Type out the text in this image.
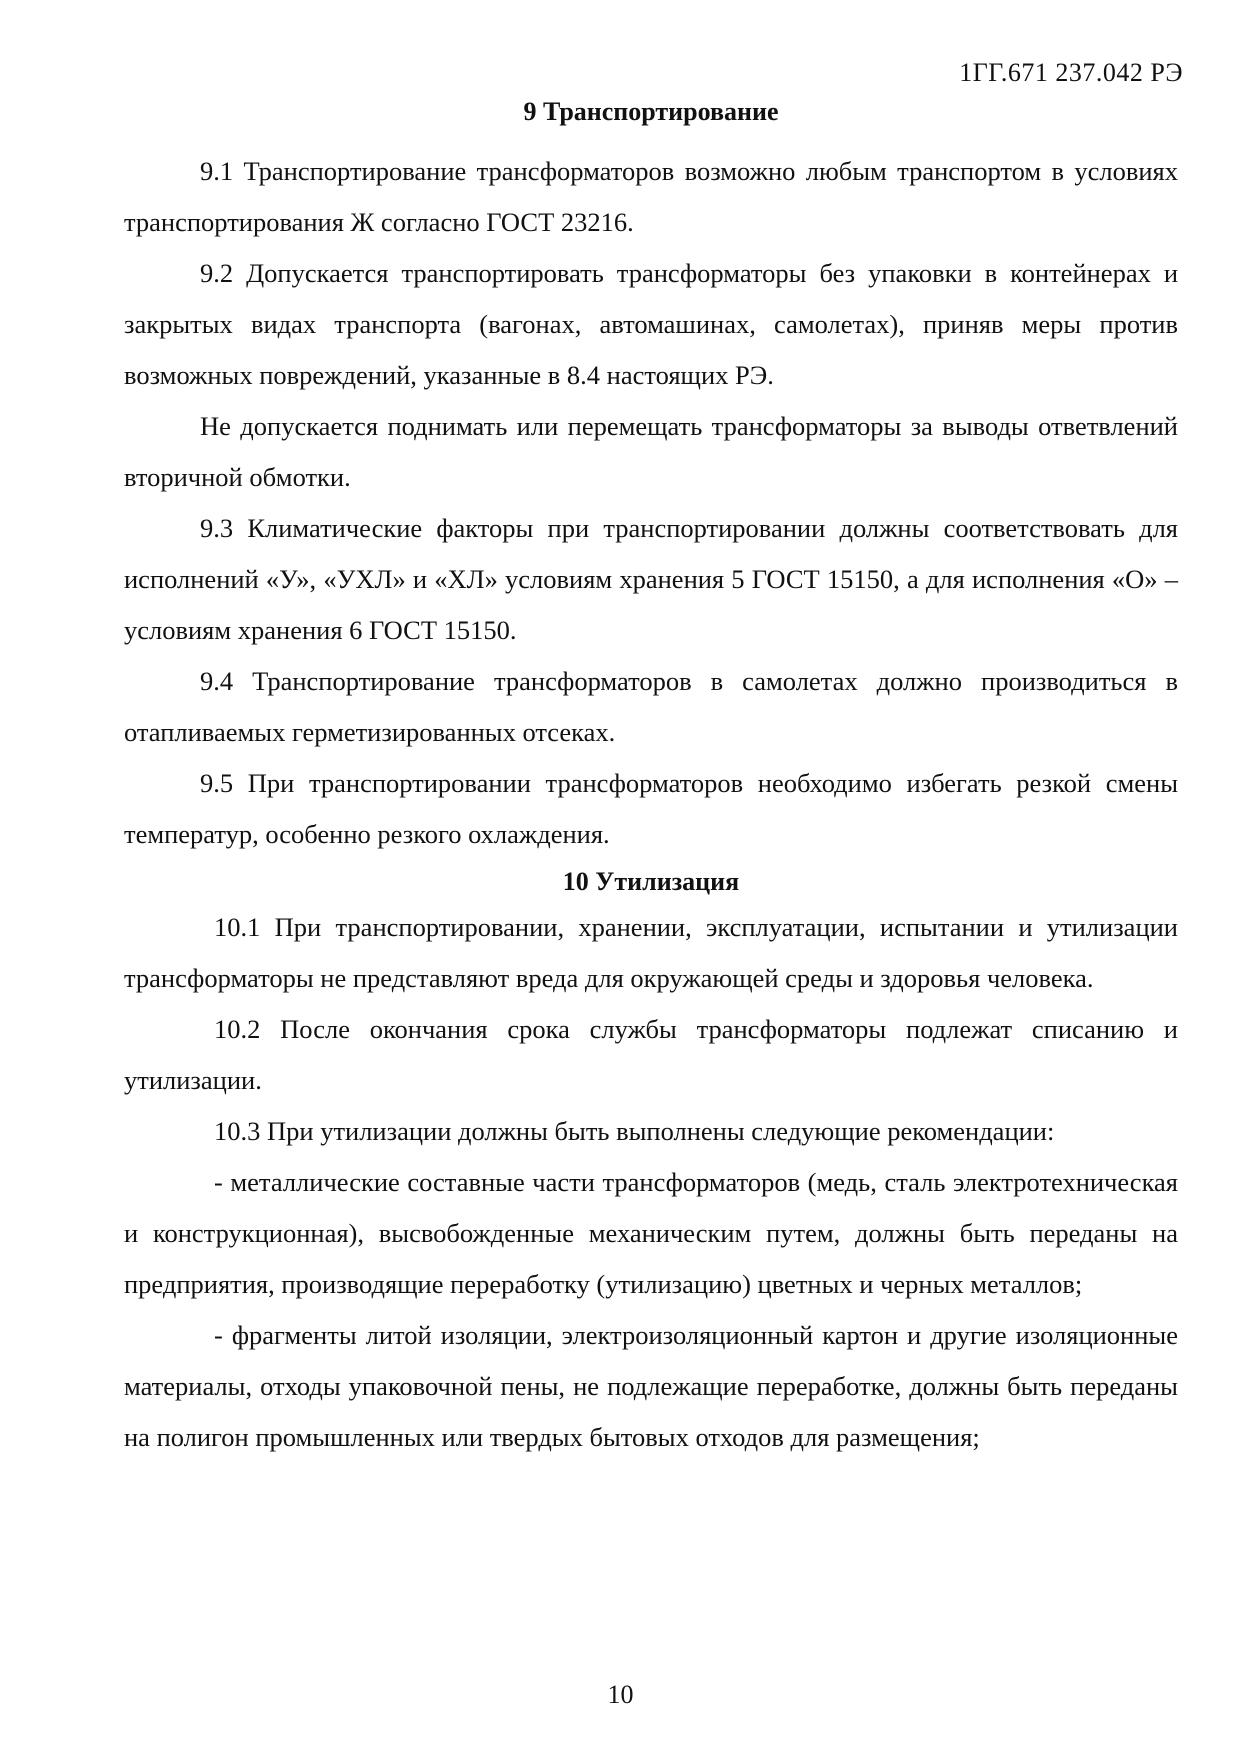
1ГГ.671 237.042 РЭ
9 Транспортирование

9.1 Транспортирование трансформаторов возможно любым транспортом в условиях транспортирования Ж согласно ГОСТ 23216.

9.2 Допускается транспортировать трансформаторы без упаковки в контейнерах и закрытых видах транспорта (вагонах, автомашинах, самолетах), приняв меры против возможных повреждений, указанные в 8.4 настоящих РЭ.

Не допускается поднимать или перемещать трансформаторы за выводы ответвлений вторичной обмотки.

9.3 Климатические факторы при транспортировании должны соответствовать для исполнений «У», «УХЛ» и «ХЛ» условиям хранения 5 ГОСТ 15150, а для исполнения «О» – условиям хранения 6 ГОСТ 15150.

9.4 Транспортирование трансформаторов в самолетах должно производиться в отапливаемых герметизированных отсеках.

9.5 При транспортировании трансформаторов необходимо избегать резкой смены температур, особенно резкого охлаждения.

10 Утилизация

10.1 При транспортировании, хранении, эксплуатации, испытании и утилизации трансформаторы не представляют вреда для окружающей среды и здоровья человека.

10.2 После окончания срока службы трансформаторы подлежат списанию и утилизации.

10.3 При утилизации должны быть выполнены следующие рекомендации:

- металлические составные части трансформаторов (медь, сталь электротехническая и конструкционная), высвобожденные механическим путем, должны быть переданы на предприятия, производящие переработку (утилизацию) цветных и черных металлов;

- фрагменты литой изоляции, электроизоляционный картон и другие изоляционные материалы, отходы упаковочной пены, не подлежащие переработке, должны быть переданы на полигон промышленных или твердых бытовых отходов для размещения;

10
